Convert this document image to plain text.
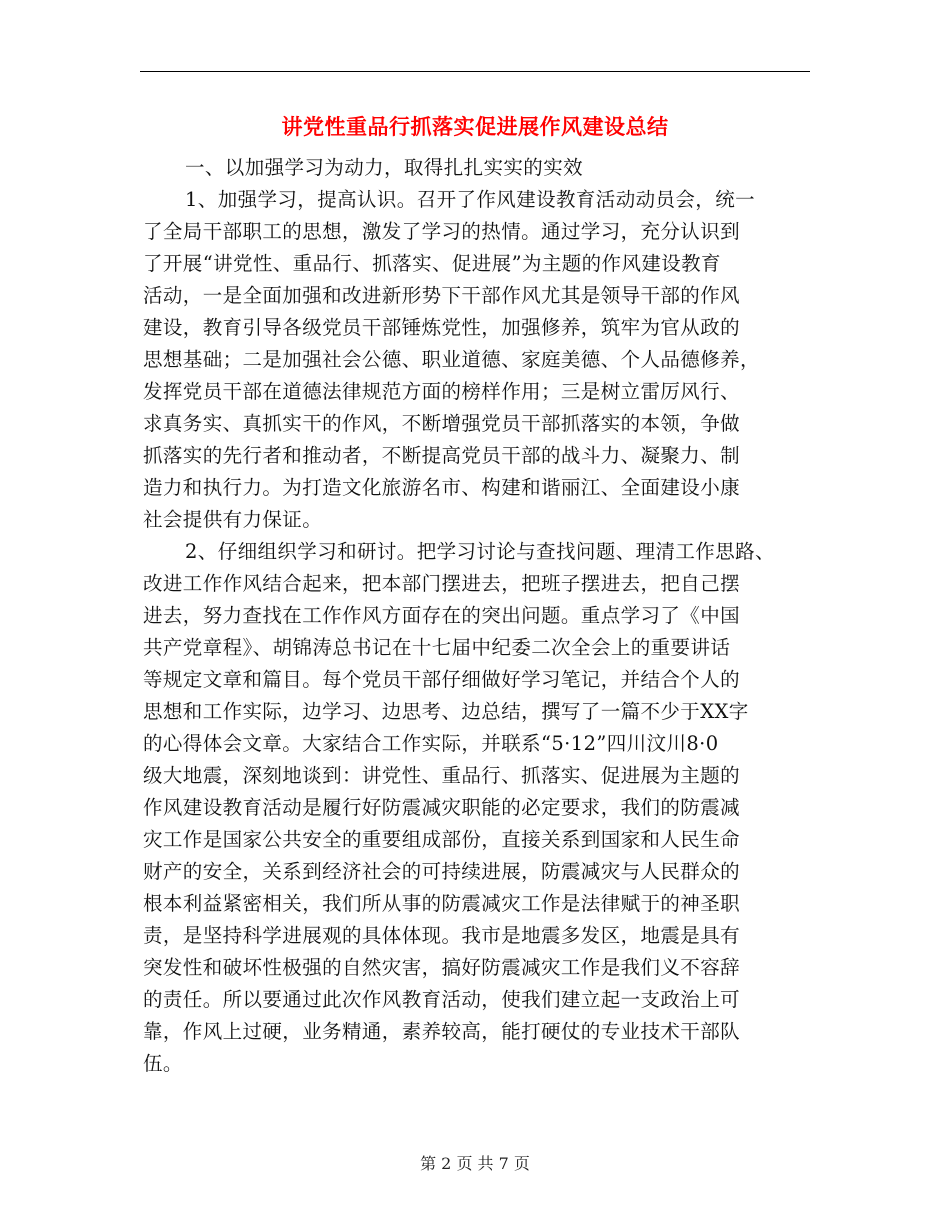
讲党性重品行抓落实促进展作风建设总结
一、以加强学习为动力，取得扎扎实实的实效
1、加强学习，提高认识。召开了作风建设教育活动动员会，统一
了全局干部职工的思想，激发了学习的热情。通过学习，充分认识到
了开展“讲党性、重品行、抓落实、促进展”为主题的作风建设教育
活动，一是全面加强和改进新形势下干部作风尤其是领导干部的作风
建设，教育引导各级党员干部锤炼党性，加强修养，筑牢为官从政的
思想基础；二是加强社会公德、职业道德、家庭美德、个人品德修养，
发挥党员干部在道德法律规范方面的榜样作用；三是树立雷厉风行、
求真务实、真抓实干的作风，不断增强党员干部抓落实的本领，争做
抓落实的先行者和推动者，不断提高党员干部的战斗力、凝聚力、制
造力和执行力。为打造文化旅游名市、构建和谐丽江、全面建设小康
社会提供有力保证。
2、仔细组织学习和研讨。把学习讨论与查找问题、理清工作思路、
改进工作作风结合起来，把本部门摆进去，把班子摆进去，把自己摆
进去，努力查找在工作作风方面存在的突出问题。重点学习了《中国
共产党章程》、胡锦涛总书记在十七届中纪委二次全会上的重要讲话
等规定文章和篇目。每个党员干部仔细做好学习笔记，并结合个人的
思想和工作实际，边学习、边思考、边总结，撰写了一篇不少于XX字
的心得体会文章。大家结合工作实际，并联系“5·12”四川汶川8·0
级大地震，深刻地谈到：讲党性、重品行、抓落实、促进展为主题的
作风建设教育活动是履行好防震减灾职能的必定要求，我们的防震减
灾工作是国家公共安全的重要组成部份，直接关系到国家和人民生命
财产的安全，关系到经济社会的可持续进展，防震减灾与人民群众的
根本利益紧密相关，我们所从事的防震减灾工作是法律赋于的神圣职
责，是坚持科学进展观的具体体现。我市是地震多发区，地震是具有
突发性和破坏性极强的自然灾害，搞好防震减灾工作是我们义不容辞
的责任。所以要通过此次作风教育活动，使我们建立起一支政治上可
靠，作风上过硬，业务精通，素养较高，能打硬仗的专业技术干部队
伍。
第 2 页 共 7 页
